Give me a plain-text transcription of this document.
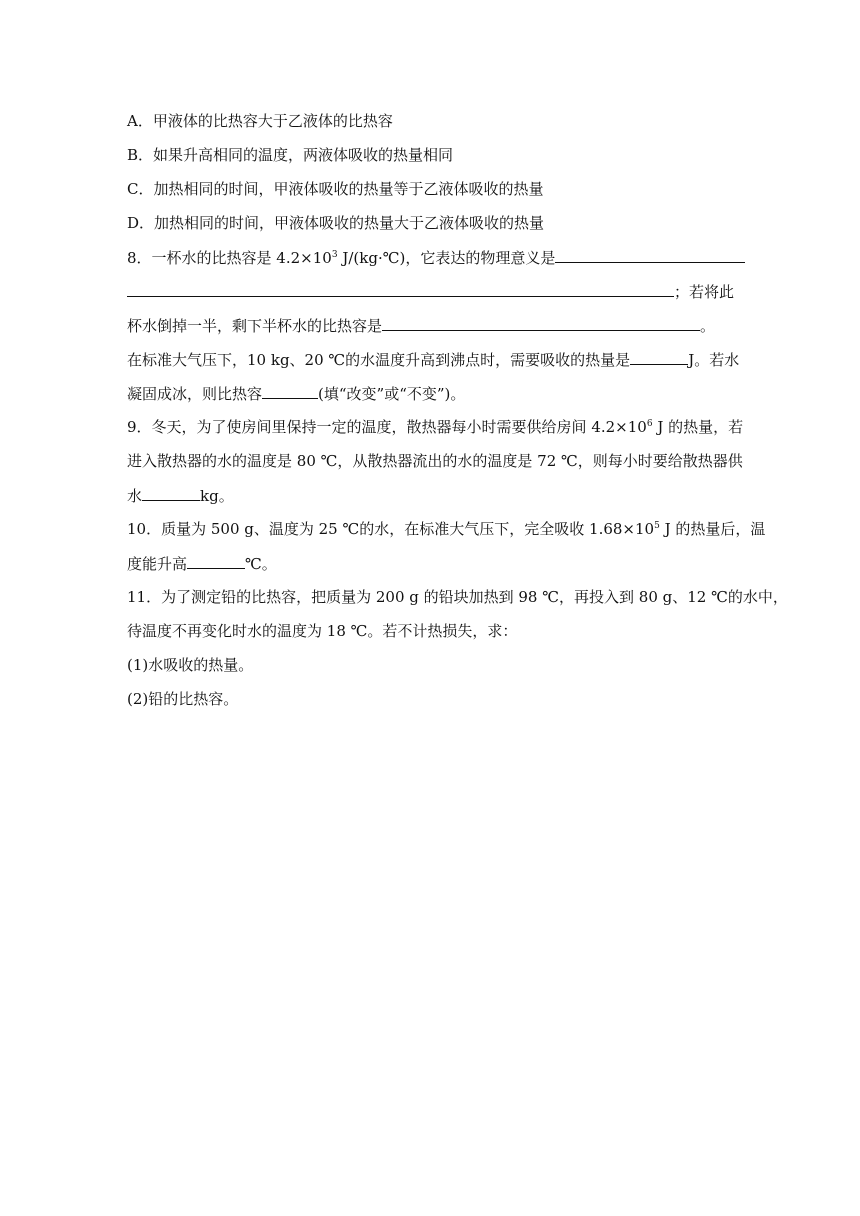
A．甲液体的比热容大于乙液体的比热容
B．如果升高相同的温度，两液体吸收的热量相同
C．加热相同的时间，甲液体吸收的热量等于乙液体吸收的热量
D．加热相同的时间，甲液体吸收的热量大于乙液体吸收的热量
8．一杯水的比热容是 $4.2\times 10^3$ J/(kg·℃)，它表达的物理意义是
；若将此
杯水倒掉一半，剩下半杯水的比热容是	。
在标准大气压下，10 kg、20 ℃的水温度升高到沸点时，需要吸收的热量是	J。若水
凝固成冰，则比热容	(填“改变”或“不变”)。
9．冬天，为了使房间里保持一定的温度，散热器每小时需要供给房间 $4.2\times 10^6$ J 的热量，若
进入散热器的水的温度是 80 ℃，从散热器流出的水的温度是 72 ℃，则每小时要给散热器供
水	kg。
10．质量为 500 g、温度为 25 ℃的水，在标准大气压下，完全吸收 $1.68\times 10^5$ J 的热量后，温
度能升高	℃。
11．为了测定铅的比热容，把质量为 200 g 的铅块加热到 98 ℃，再投入到 80 g、12 ℃的水中，
待温度不再变化时水的温度为 18 ℃。若不计热损失，求：
(1)水吸收的热量。
(2)铅的比热容。
